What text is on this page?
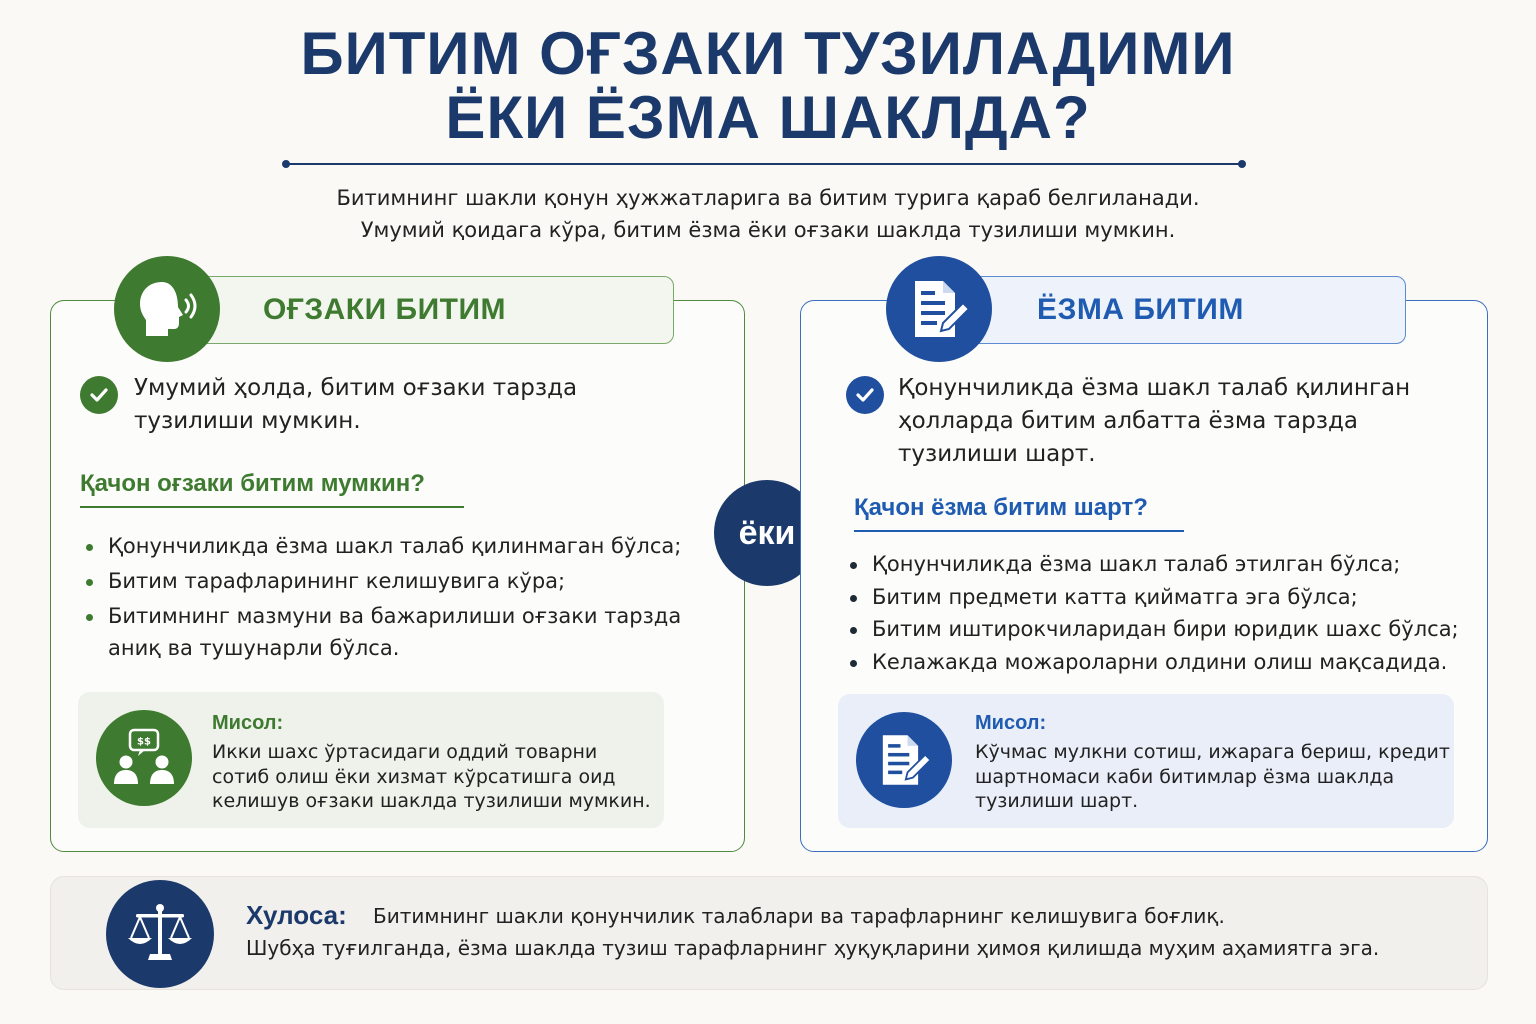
БИТИМ ОҒЗАКИ ТУЗИЛАДИМИ
ЁКИ ЁЗМА ШАКЛДА?
Битимнинг шакли қонун ҳужжатларига ва битим турига қараб белгиланади.
Умумий қоидага кўра, битим ёзма ёки оғзаки шаклда тузилиши мумкин.
ОҒЗАКИ БИТИМ
Умумий ҳолда, битим оғзаки тарзда тузилиши мумкин.
Қачон оғзаки битим мумкин?
Қонунчиликда ёзма шакл талаб қилинмаган бўлса;
Битим тарафларининг келишувига кўра;
Битимнинг мазмуни ва бажарилиши оғзаки тарзда аниқ ва тушунарли бўлса.
$$
Мисол:
Икки шахс ўртасидаги оддий товарни сотиб олиш ёки хизмат кўрсатишга оид келишув оғзаки шаклда тузилиши мумкин.
ёки
ЁЗМА БИТИМ
Қонунчиликда ёзма шакл талаб қилинган ҳолларда битим албатта ёзма тарзда тузилиши шарт.
Қачон ёзма битим шарт?
Қонунчиликда ёзма шакл талаб этилган бўлса;
Битим предмети катта қийматга эга бўлса;
Битим иштирокчиларидан бири юридик шахс бўлса;
Келажакда можароларни олдини олиш мақсадида.
Мисол:
Кўчмас мулкни сотиш, ижарага бериш, кредит шартномаси каби битимлар ёзма шаклда тузилиши шарт.
Хулоса: Битимнинг шакли қонунчилик талаблари ва тарафларнинг келишувига боғлиқ.
Шубҳа туғилганда, ёзма шаклда тузиш тарафларнинг ҳуқуқларини ҳимоя қилишда муҳим аҳамиятга эга.
